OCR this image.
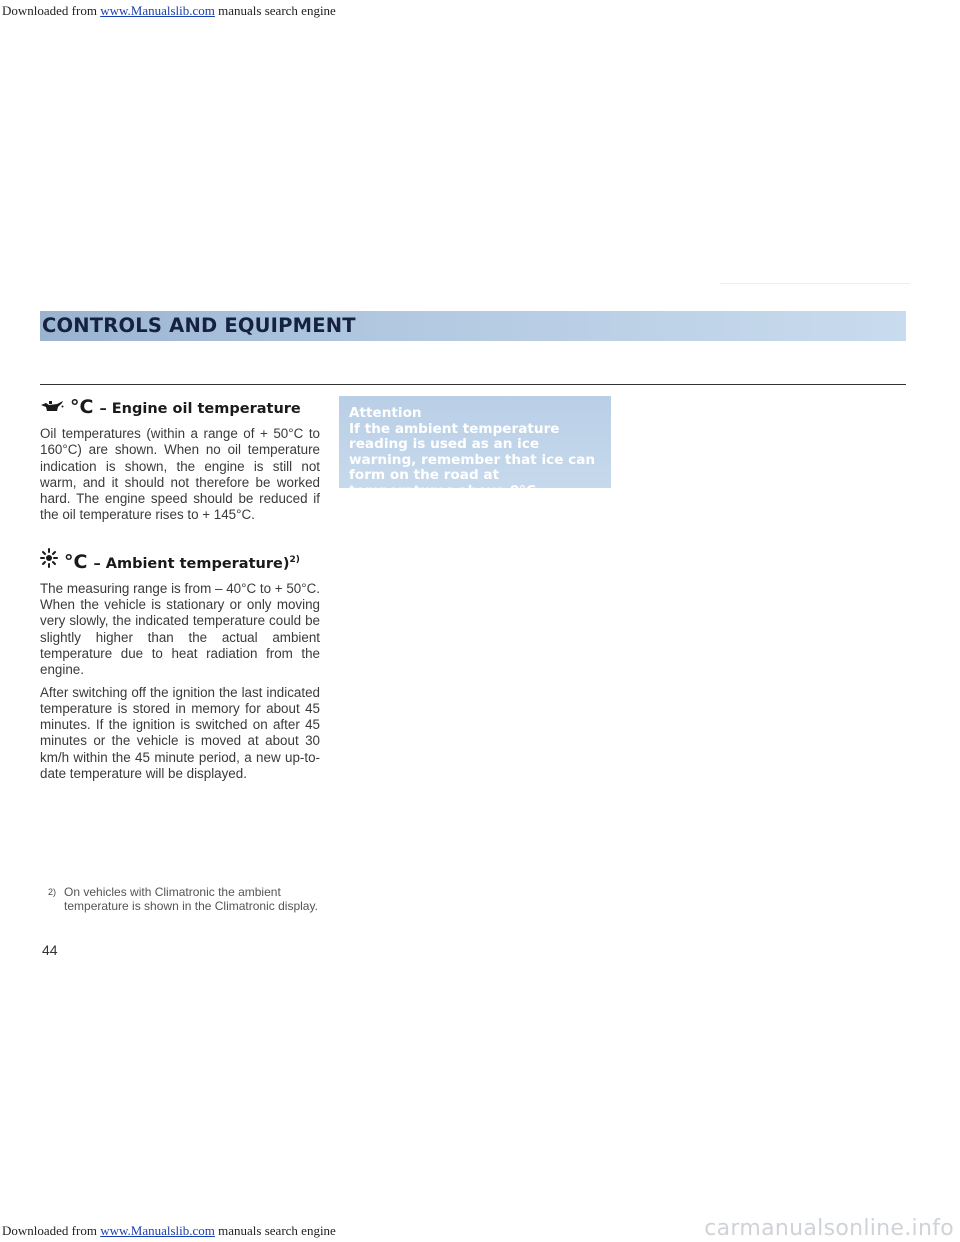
Downloaded from www.Manualslib.com manuals search engine
CONTROLS AND EQUIPMENT
°C – Engine oil temperature

Oil temperatures (within a range of + 50°C to 160°C) are shown. When no oil temperature indication is shown, the engine is still not warm, and it should not therefore be worked hard. The engine speed should be reduced if the oil temperature rises to + 145°C.

°C – Ambient temperature)$^{2)}$

The measuring range is from – 40°C to + 50°C. When the vehicle is stationary or only moving very slowly, the indicated temperature could be slightly higher than the actual ambient temperature due to heat radiation from the engine.

After switching off the ignition the last indicated temperature is stored in memory for about 45 minutes. If the ignition is switched on after 45 minutes or the vehicle is moved at about 30 km/h within the 45 minute period, a new up-to-date temperature will be displayed.

Attention
If the ambient temperature reading is used as an ice warning, remember that ice can form on the road at temperatures above 0°C.
2) On vehicles with Climatronic the ambient temperature is shown in the Climatronic display.
44
Downloaded from www.Manualslib.com manuals search engine	carmanualsonline.info
